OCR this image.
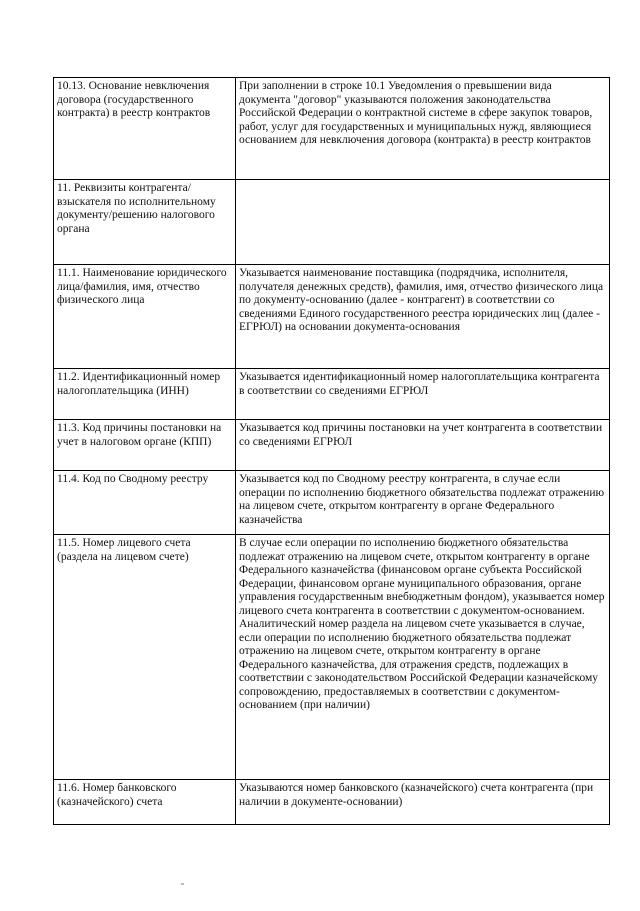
10.13. Основание невключения договора (государственного контракта) в реестр контрактов	При заполнении в строке 10.1 Уведомления о превышении вида документа "договор" указываются положения законодательства Российской Федерации о контрактной системе в сфере закупок товаров, работ, услуг для государственных и муниципальных нужд, являющиеся основанием для невключения договора (контракта) в реестр контрактов

11. Реквизиты контрагента/взыскателя по исполнительному документу/решению налогового органа	

11.1. Наименование юридического лица/фамилия, имя, отчество физического лица	Указывается наименование поставщика (подрядчика, исполнителя, получателя денежных средств), фамилия, имя, отчество физического лица по документу-основанию (далее - контрагент) в соответствии со сведениями Единого государственного реестра юридических лиц (далее - ЕГРЮЛ) на основании документа-основания

11.2. Идентификационный номер налогоплательщика (ИНН)	Указывается идентификационный номер налогоплательщика контрагента в соответствии со сведениями ЕГРЮЛ

11.3. Код причины постановки на учет в налоговом органе (КПП)	Указывается код причины постановки на учет контрагента в соответствии со сведениями ЕГРЮЛ

11.4. Код по Сводному реестру	Указывается код по Сводному реестру контрагента, в случае если операции по исполнению бюджетного обязательства подлежат отражению на лицевом счете, открытом контрагенту в органе Федерального казначейства

11.5. Номер лицевого счета (раздела на лицевом счете)	В случае если операции по исполнению бюджетного обязательства подлежат отражению на лицевом счете, открытом контрагенту в органе Федерального казначейства (финансовом органе субъекта Российской Федерации, финансовом органе муниципального образования, органе управления государственным внебюджетным фондом), указывается номер лицевого счета контрагента в соответствии с документом-основанием.
Аналитический номер раздела на лицевом счете указывается в случае, если операции по исполнению бюджетного обязательства подлежат отражению на лицевом счете, открытом контрагенту в органе Федерального казначейства, для отражения средств, подлежащих в соответствии с законодательством Российской Федерации казначейскому сопровождению, предоставляемых в соответствии с документом-основанием (при наличии)

11.6. Номер банковского (казначейского) счета	Указываются номер банковского (казначейского) счета контрагента (при наличии в документе-основании)
